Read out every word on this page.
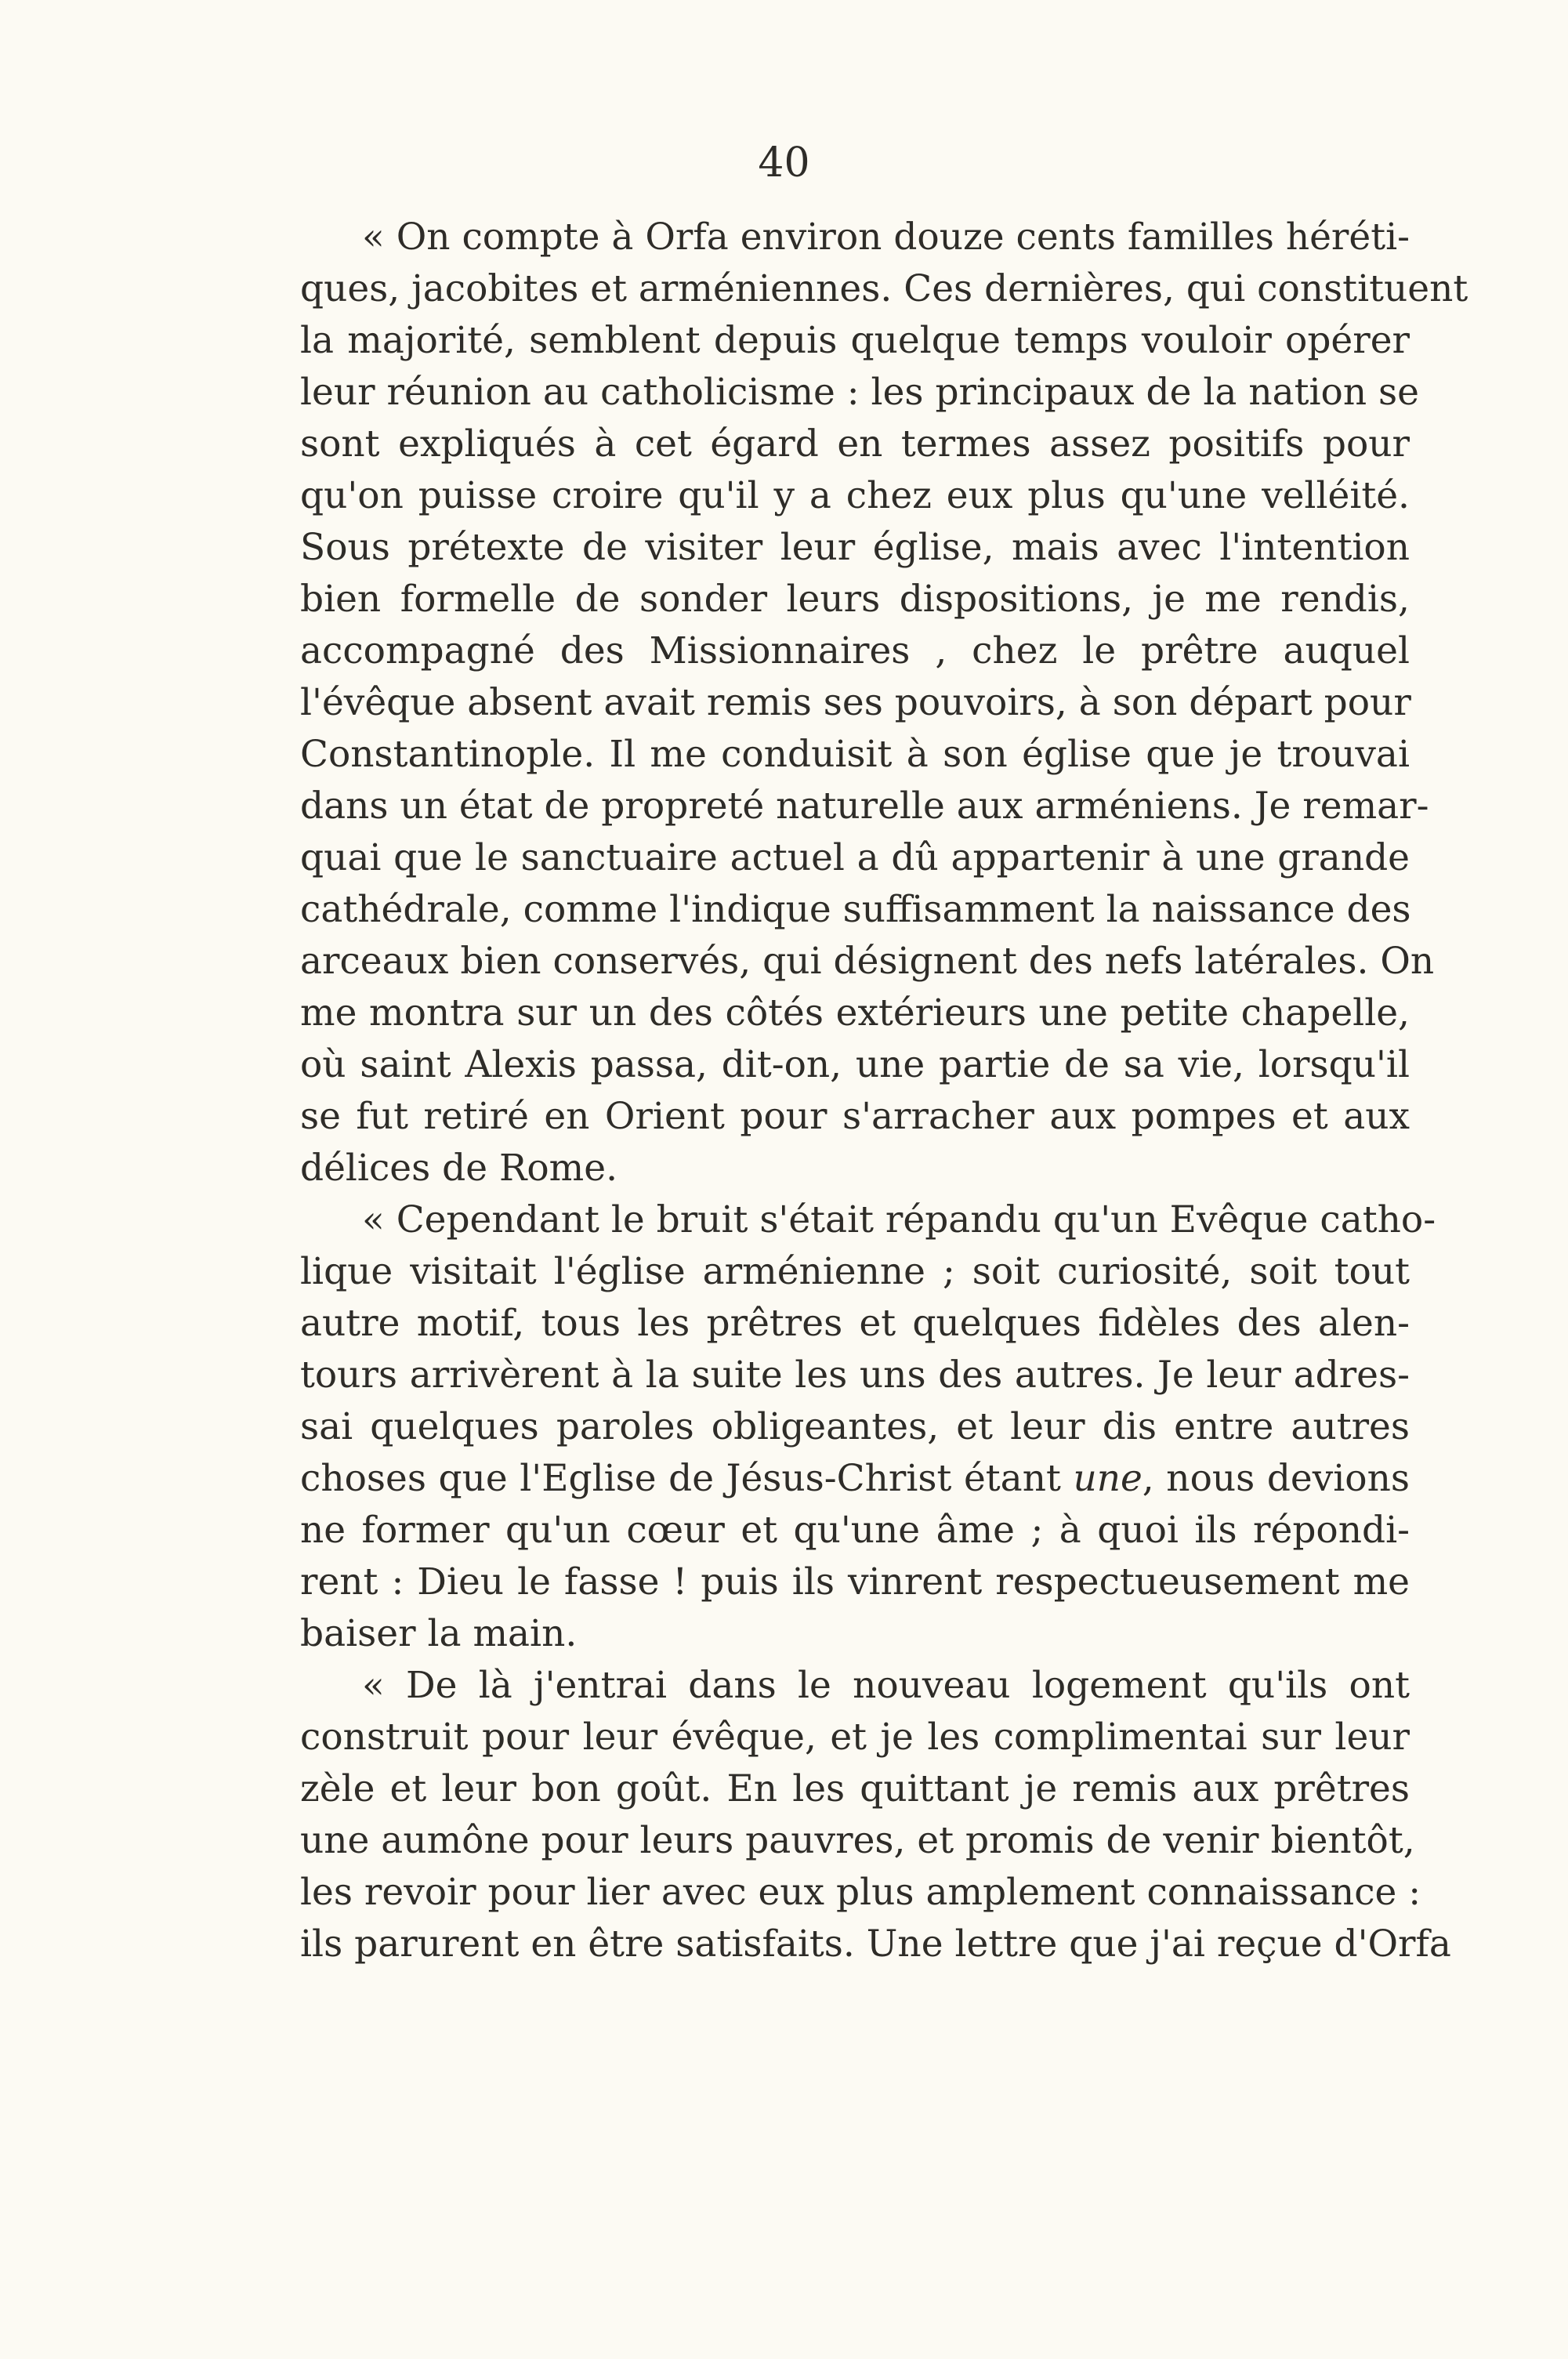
40
« On compte à Orfa environ douze cents familles héréti-
ques, jacobites et arméniennes. Ces dernières, qui constituent
la majorité, semblent depuis quelque temps vouloir opérer
leur réunion au catholicisme : les principaux de la nation se
sont expliqués à cet égard en termes assez positifs pour
qu'on puisse croire qu'il y a chez eux plus qu'une velléité.
Sous prétexte de visiter leur église, mais avec l'intention
bien formelle de sonder leurs dispositions, je me rendis,
accompagné des Missionnaires , chez le prêtre auquel
l'évêque absent avait remis ses pouvoirs, à son départ pour
Constantinople. Il me conduisit à son église que je trouvai
dans un état de propreté naturelle aux arméniens. Je remar-
quai que le sanctuaire actuel a dû appartenir à une grande
cathédrale, comme l'indique suffisamment la naissance des
arceaux bien conservés, qui désignent des nefs latérales. On
me montra sur un des côtés extérieurs une petite chapelle,
où saint Alexis passa, dit-on, une partie de sa vie, lorsqu'il
se fut retiré en Orient pour s'arracher aux pompes et aux
délices de Rome.
« Cependant le bruit s'était répandu qu'un Evêque catho-
lique visitait l'église arménienne ; soit curiosité, soit tout
autre motif, tous les prêtres et quelques fidèles des alen-
tours arrivèrent à la suite les uns des autres. Je leur adres-
sai quelques paroles obligeantes, et leur dis entre autres
choses que l'Eglise de Jésus-Christ étant une, nous devions
ne former qu'un cœur et qu'une âme ; à quoi ils répondi-
rent : Dieu le fasse ! puis ils vinrent respectueusement me
baiser la main.
« De là j'entrai dans le nouveau logement qu'ils ont
construit pour leur évêque, et je les complimentai sur leur
zèle et leur bon goût. En les quittant je remis aux prêtres
une aumône pour leurs pauvres, et promis de venir bientôt,
les revoir pour lier avec eux plus amplement connaissance :
ils parurent en être satisfaits. Une lettre que j'ai reçue d'Orfa
